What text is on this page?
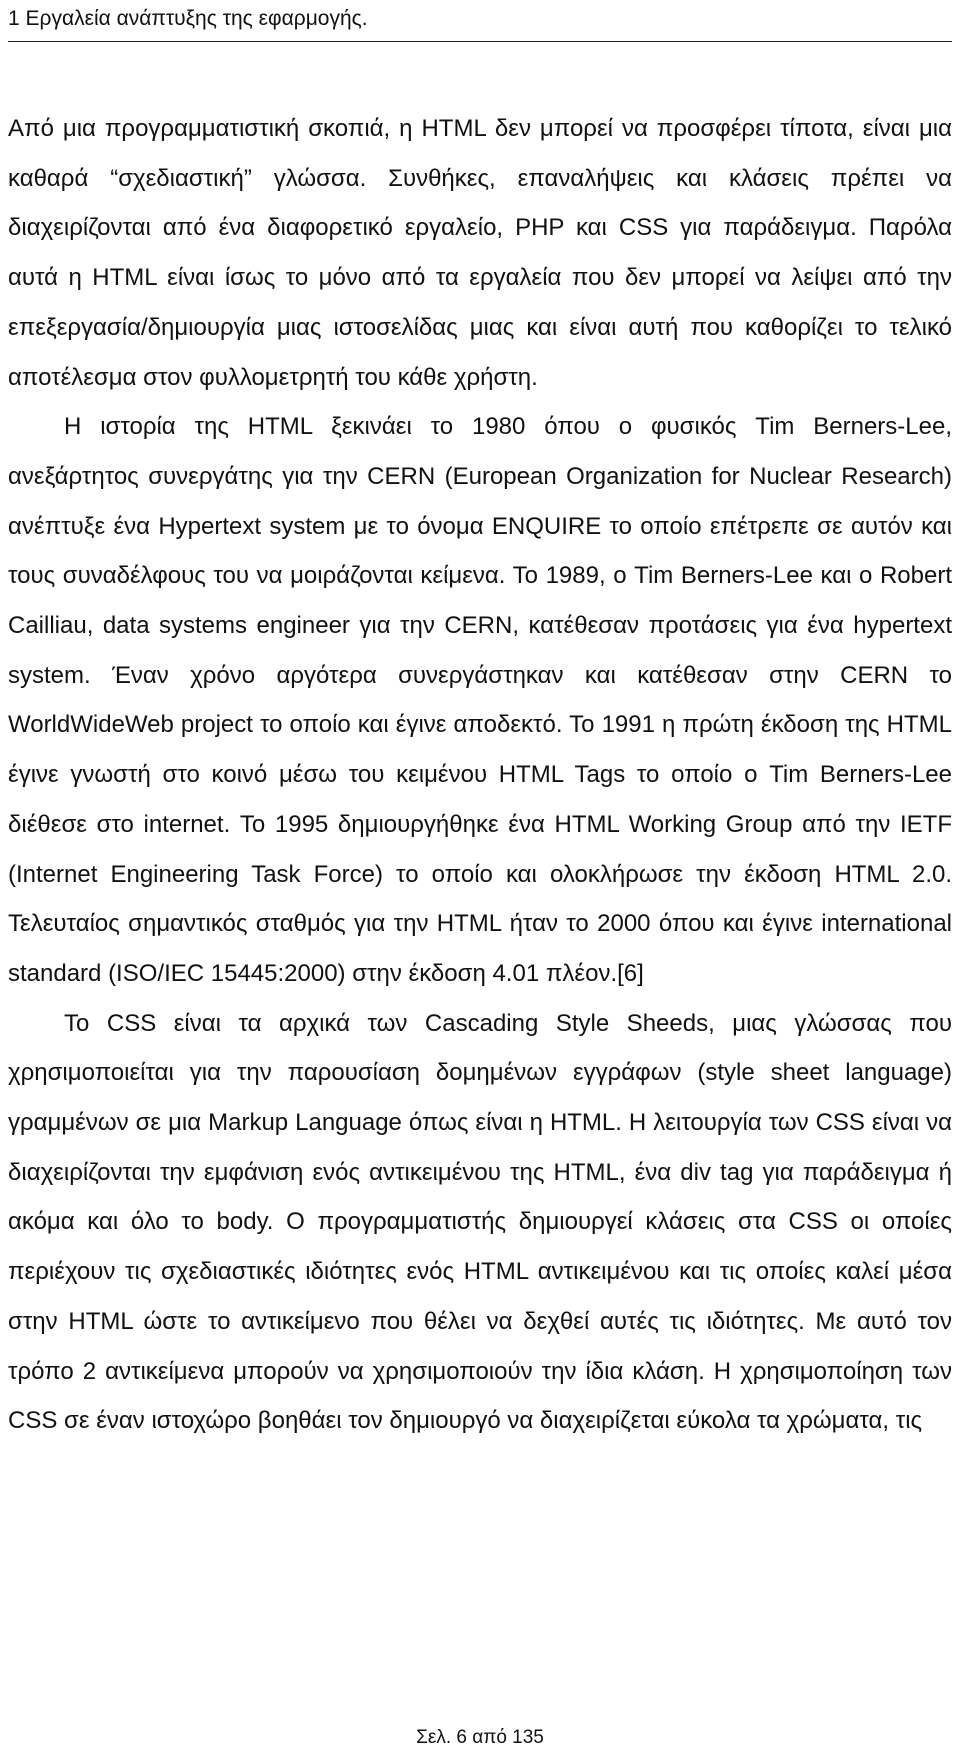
1 Εργαλεία ανάπτυξης της εφαρμογής.

Από μια προγραμματιστική σκοπιά, η HTML δεν μπορεί να προσφέρει τίποτα, είναι μια καθαρά “σχεδιαστική” γλώσσα. Συνθήκες, επαναλήψεις και κλάσεις πρέπει να διαχειρίζονται από ένα διαφορετικό εργαλείο, PHP και CSS για παράδειγμα. Παρόλα αυτά η HTML είναι ίσως το μόνο από τα εργαλεία που δεν μπορεί να λείψει από την επεξεργασία/δημιουργία μιας ιστοσελίδας μιας και είναι αυτή που καθορίζει το τελικό αποτέλεσμα στον φυλλομετρητή του κάθε χρήστη.

Η ιστορία της HTML ξεκινάει το 1980 όπου ο φυσικός Tim Berners-Lee, ανεξάρτητος συνεργάτης για την CERN (European Organization for Nuclear Research) ανέπτυξε ένα Hypertext system με το όνομα ENQUIRE το οποίο επέτρεπε σε αυτόν και τους συναδέλφους του να μοιράζονται κείμενα. Το 1989, ο Tim Berners-Lee και ο Robert Cailliau, data systems engineer για την CERN, κατέθεσαν προτάσεις για ένα hypertext system. Έναν χρόνο αργότερα συνεργάστηκαν και κατέθεσαν στην CERN το WorldWideWeb project το οποίο και έγινε αποδεκτό. Το 1991 η πρώτη έκδοση της HTML έγινε γνωστή στο κοινό μέσω του κειμένου HTML Tags το οποίο ο Tim Berners-Lee διέθεσε στο internet. Το 1995 δημιουργήθηκε ένα HTML Working Group από την IETF (Internet Engineering Task Force) το οποίο και ολοκλήρωσε την έκδοση HTML 2.0. Τελευταίος σημαντικός σταθμός για την HTML ήταν το 2000 όπου και έγινε international standard (ISO/IEC 15445:2000) στην έκδοση 4.01 πλέον.[6]

Το CSS είναι τα αρχικά των Cascading Style Sheeds, μιας γλώσσας που χρησιμοποιείται για την παρουσίαση δομημένων εγγράφων (style sheet language) γραμμένων σε μια Markup Language όπως είναι η HTML. Η λειτουργία των CSS είναι να διαχειρίζονται την εμφάνιση ενός αντικειμένου της HTML, ένα div tag για παράδειγμα ή ακόμα και όλο το body. Ο προγραμματιστής δημιουργεί κλάσεις στα CSS οι οποίες περιέχουν τις σχεδιαστικές ιδιότητες ενός HTML αντικειμένου και τις οποίες καλεί μέσα στην HTML ώστε το αντικείμενο που θέλει να δεχθεί αυτές τις ιδιότητες. Με αυτό τον τρόπο 2 αντικείμενα μπορούν να χρησιμοποιούν την ίδια κλάση. Η χρησιμοποίηση των CSS σε έναν ιστοχώρο βοηθάει τον δημιουργό να διαχειρίζεται εύκολα τα χρώματα, τις

Σελ. 6 από 135
